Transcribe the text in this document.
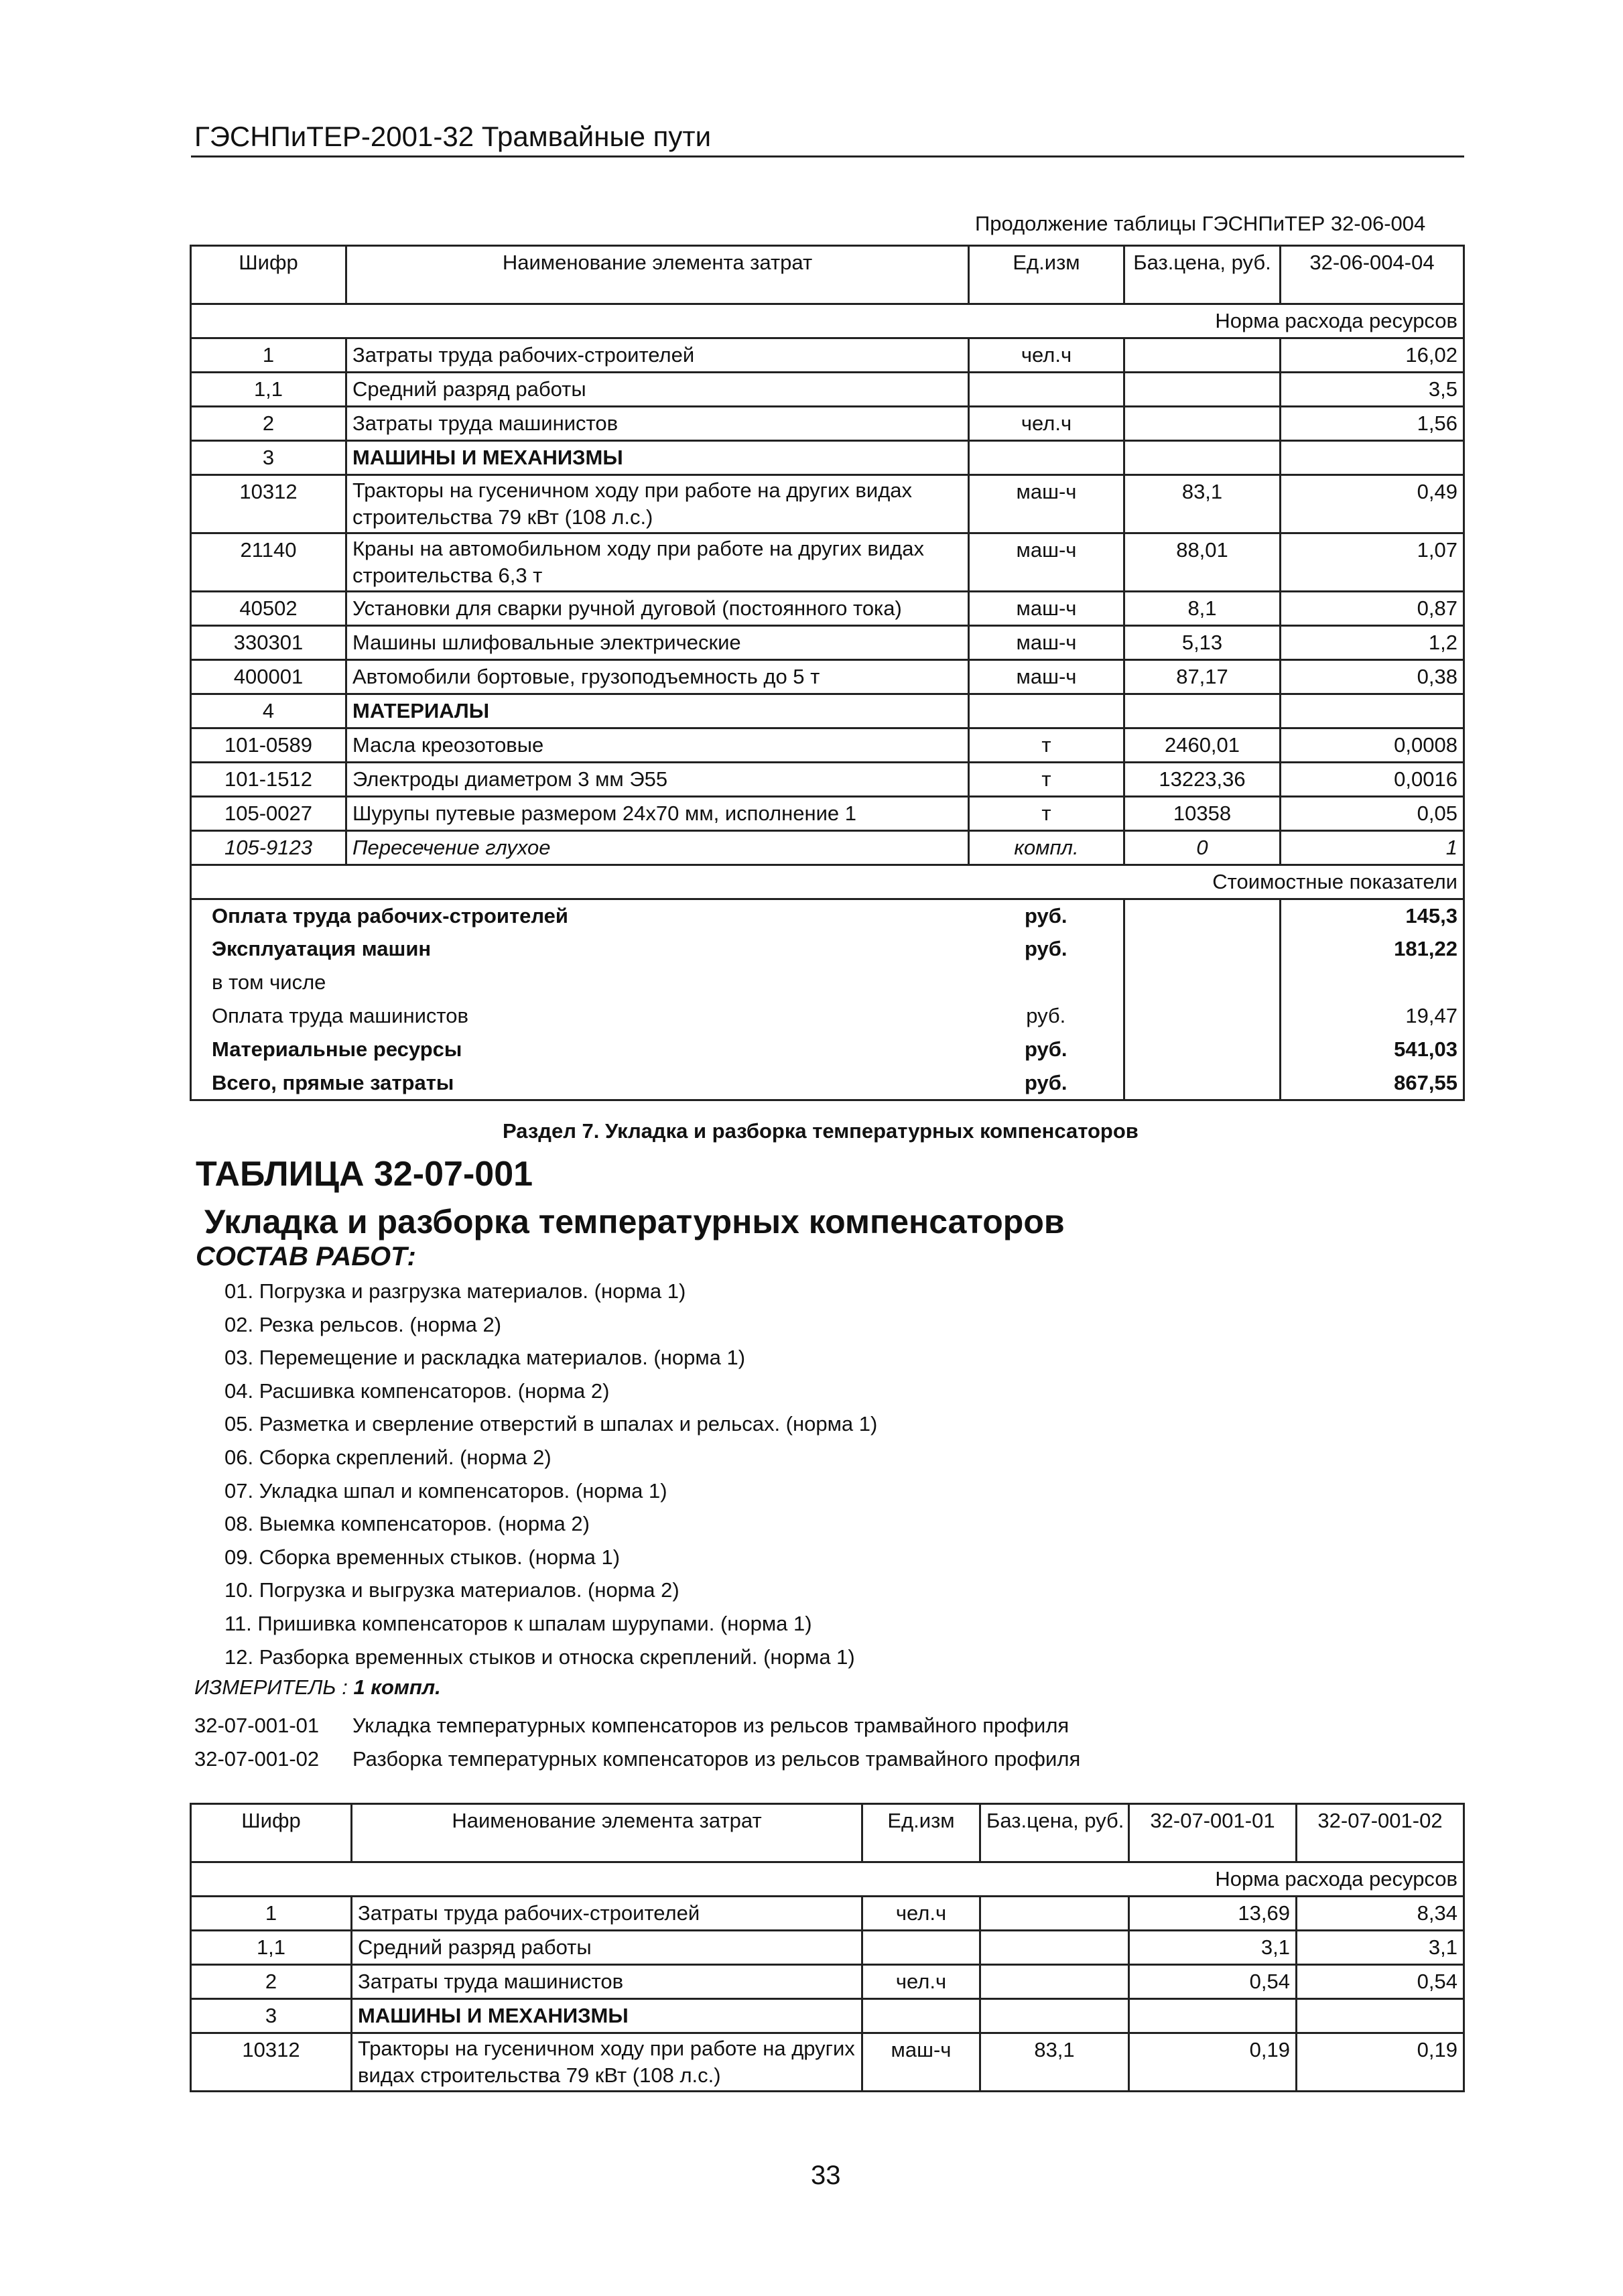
ГЭСНПиТЕР-2001-32 Трамвайные пути
Продолжение таблицы ГЭСНПиТЕР 32-06-004
Шифр	Наименование элемента затрат	Ед.изм	Баз.цена, руб.	32-06-004-04
Норма расхода ресурсов				
1	Затраты труда рабочих-строителей	чел.ч		16,02
1,1	Средний разряд работы			3,5
2	Затраты труда машинистов	чел.ч		1,56
3	МАШИНЫ И МЕХАНИЗМЫ			
10312	Тракторы на гусеничном ходу при работе на других видах строительства 79 кВт (108 л.с.)	маш-ч	83,1	0,49
21140	Краны на автомобильном ходу при работе на других видах строительства 6,3 т	маш-ч	88,01	1,07
40502	Установки для сварки ручной дуговой (постоянного тока)	маш-ч	8,1	0,87
330301	Машины шлифовальные электрические	маш-ч	5,13	1,2
400001	Автомобили бортовые, грузоподъемность до 5 т	маш-ч	87,17	0,38
4	МАТЕРИАЛЫ			
101-0589	Масла креозотовые	т	2460,01	0,0008
101-1512	Электроды диаметром 3 мм Э55	т	13223,36	0,0016
105-0027	Шурупы путевые размером 24х70 мм, исполнение 1	т	10358	0,05
105-9123	Пересечение глухое	компл.	0	1
Стоимостные показатели				
Оплата труда рабочих-строителей		руб.		145,3
Эксплуатация машин		руб.		181,22
в том числе				
Оплата труда машинистов		руб.		19,47
Материальные ресурсы		руб.		541,03
Всего, прямые затраты		руб.		867,55
Раздел 7. Укладка и разборка температурных компенсаторов
ТАБЛИЦА 32-07-001
Укладка и разборка температурных компенсаторов
СОСТАВ РАБОТ:
01. Погрузка и разгрузка материалов. (норма 1)
02. Резка рельсов. (норма 2)
03. Перемещение и раскладка материалов. (норма 1)
04. Расшивка компенсаторов. (норма 2)
05. Разметка и сверление отверстий в шпалах и рельсах. (норма 1)
06. Сборка скреплений. (норма 2)
07. Укладка шпал и компенсаторов. (норма 1)
08. Выемка компенсаторов. (норма 2)
09. Сборка временных стыков. (норма 1)
10. Погрузка и выгрузка материалов. (норма 2)
11. Пришивка компенсаторов к шпалам шурупами. (норма 1)
12. Разборка временных стыков и относка скреплений. (норма 1)
ИЗМЕРИТЕЛЬ : 1 компл.
32-07-001-01 Укладка температурных компенсаторов из рельсов трамвайного профиля
32-07-001-02 Разборка температурных компенсаторов из рельсов трамвайного профиля
Шифр	Наименование элемента затрат	Ед.изм	Баз.цена, руб.	32-07-001-01	32-07-001-02
Норма расхода ресурсов					
1	Затраты труда рабочих-строителей	чел.ч		13,69	8,34
1,1	Средний разряд работы			3,1	3,1
2	Затраты труда машинистов	чел.ч		0,54	0,54
3	МАШИНЫ И МЕХАНИЗМЫ				
10312	Тракторы на гусеничном ходу при работе на других видах строительства 79 кВт (108 л.с.)	маш-ч	83,1	0,19	0,19
33
